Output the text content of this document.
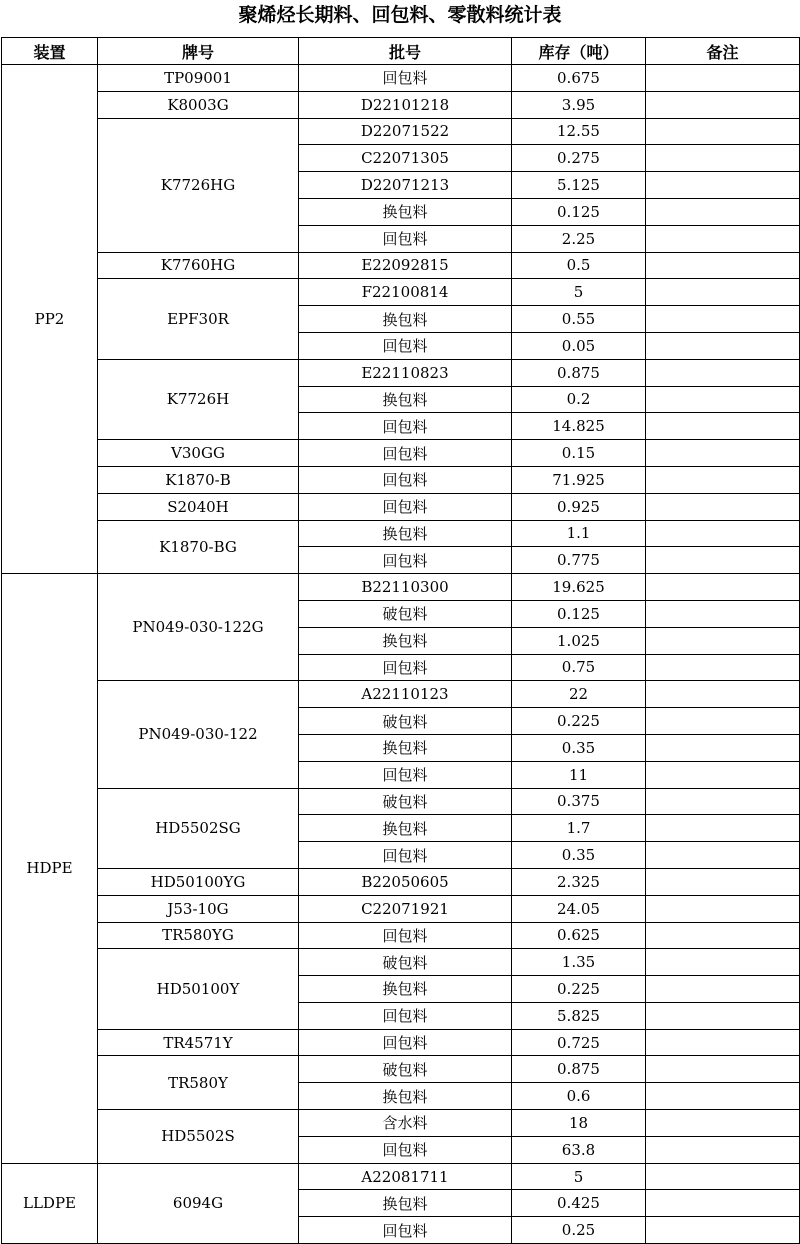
聚烯烃长期料、回包料、零散料统计表
装置	牌号	批号	库存（吨）	备注
PP2	TP09001	回包料	0.675	
	K8003G	D22101218	3.95	
	K7726HG	D22071522	12.55	
		C22071305	0.275	
		D22071213	5.125	
		换包料	0.125	
		回包料	2.25	
	K7760HG	E22092815	0.5	
	EPF30R	F22100814	5	
		换包料	0.55	
		回包料	0.05	
	K7726H	E22110823	0.875	
		换包料	0.2	
		回包料	14.825	
	V30GG	回包料	0.15	
	K1870-B	回包料	71.925	
	S2040H	回包料	0.925	
	K1870-BG	换包料	1.1	
		回包料	0.775	
HDPE	PN049-030-122G	B22110300	19.625	
		破包料	0.125	
		换包料	1.025	
		回包料	0.75	
	PN049-030-122	A22110123	22	
		破包料	0.225	
		换包料	0.35	
		回包料	11	
	HD5502SG	破包料	0.375	
		换包料	1.7	
		回包料	0.35	
	HD50100YG	B22050605	2.325	
	J53-10G	C22071921	24.05	
	TR580YG	回包料	0.625	
	HD50100Y	破包料	1.35	
		换包料	0.225	
		回包料	5.825	
	TR4571Y	回包料	0.725	
	TR580Y	破包料	0.875	
		换包料	0.6	
	HD5502S	含水料	18	
		回包料	63.8	
LLDPE	6094G	A22081711	5	
		换包料	0.425	
		回包料	0.25	
